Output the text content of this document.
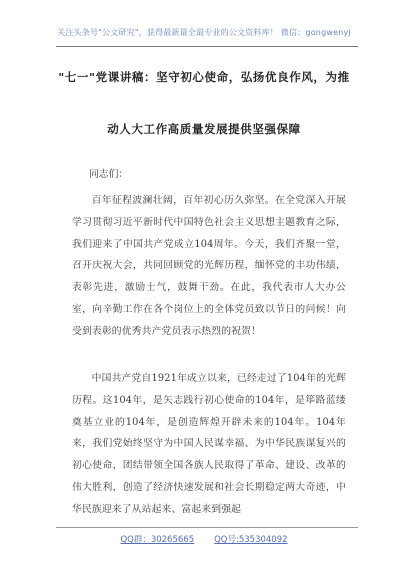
关注头条号"公文研究"，获得最新最全最专业的公文资料库！ 微信：gongwenyj
"七一"党课讲稿：坚守初心使命，弘扬优良作风，为推
动人大工作高质量发展提供坚强保障
同志们：
百年征程波澜壮阔，百年初心历久弥坚。在全党深入开展学习贯彻习近平新时代中国特色社会主义思想主题教育之际，我们迎来了中国共产党成立104周年。今天，我们齐聚一堂，召开庆祝大会，共同回顾党的光辉历程，缅怀党的丰功伟绩，表彰先进，激励士气，鼓舞干劲。在此，我代表市人大办公室，向辛勤工作在各个岗位上的全体党员致以节日的问候！向受到表彰的优秀共产党员表示热烈的祝贺！
中国共产党自1921年成立以来，已经走过了104年的光辉历程。这104年，是矢志践行初心使命的104年，是筚路蓝缕奠基立业的104年，是创造辉煌开辟未来的104年。104年来，我们党始终坚守为中国人民谋幸福、为中华民族谋复兴的初心使命，团结带领全国各族人民取得了革命、建设、改革的伟大胜利，创造了经济快速发展和社会长期稳定两大奇迹，中华民族迎来了从站起来、富起来到强起
QQ群：30265665 QQ号:535304092
